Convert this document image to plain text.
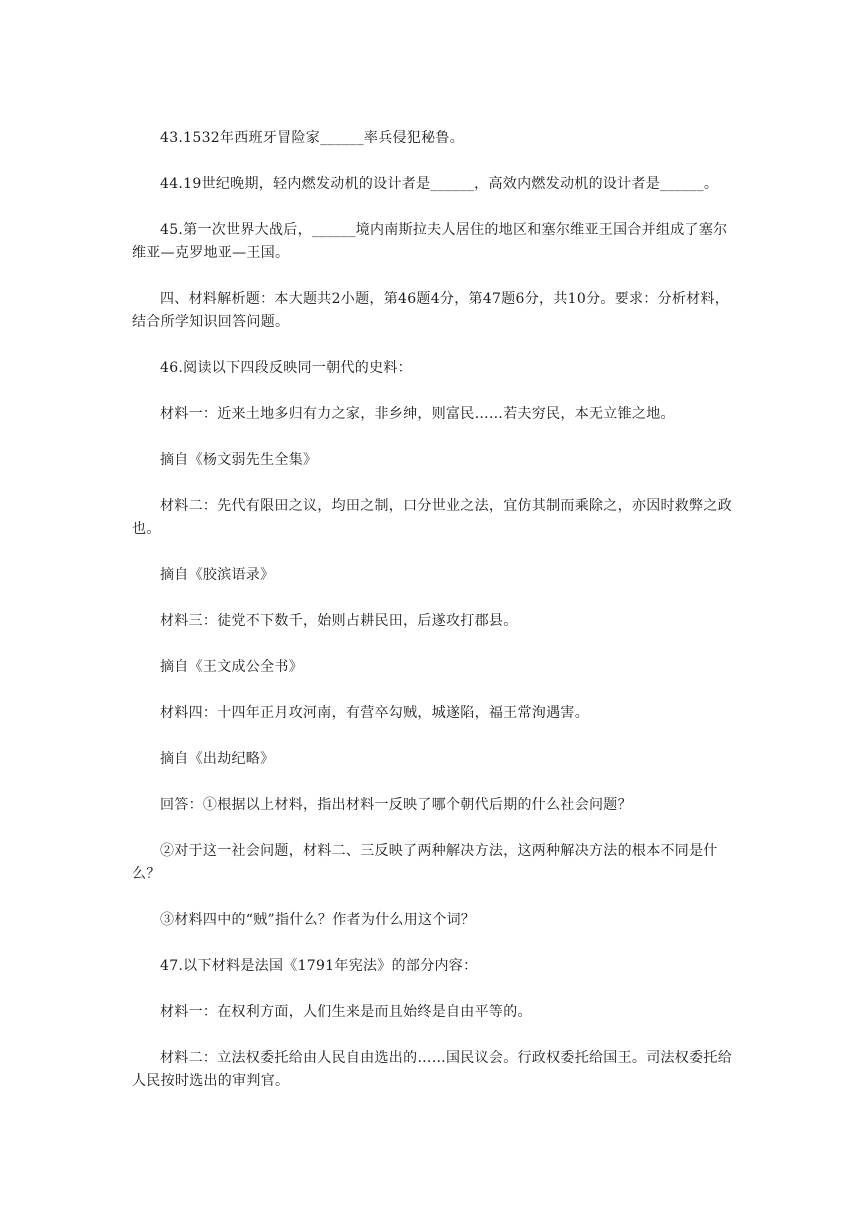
43.1532年西班牙冒险家______率兵侵犯秘鲁。

44.19世纪晚期，轻内燃发动机的设计者是______，高效内燃发动机的设计者是______。

45.第一次世界大战后，______境内南斯拉夫人居住的地区和塞尔维亚王国合并组成了塞尔维亚—克罗地亚—王国。

四、材料解析题：本大题共2小题，第46题4分，第47题6分，共10分。要求：分析材料，结合所学知识回答问题。

46.阅读以下四段反映同一朝代的史料：

材料一：近来土地多归有力之家，非乡绅，则富民……若夫穷民，本无立锥之地。

摘自《杨文弱先生全集》

材料二：先代有限田之议，均田之制，口分世业之法，宜仿其制而乘除之，亦因时救弊之政也。

摘自《胶滨语录》

材料三：徒党不下数千，始则占耕民田，后遂攻打郡县。

摘自《王文成公全书》

材料四：十四年正月攻河南，有营卒勾贼，城遂陷，福王常洵遇害。

摘自《出劫纪略》

回答：①根据以上材料，指出材料一反映了哪个朝代后期的什么社会问题？

②对于这一社会问题，材料二、三反映了两种解决方法，这两种解决方法的根本不同是什么？

③材料四中的“贼”指什么？作者为什么用这个词？

47.以下材料是法国《1791年宪法》的部分内容：

材料一：在权利方面，人们生来是而且始终是自由平等的。

材料二：立法权委托给由人民自由选出的……国民议会。行政权委托给国王。司法权委托给人民按时选出的审判官。
